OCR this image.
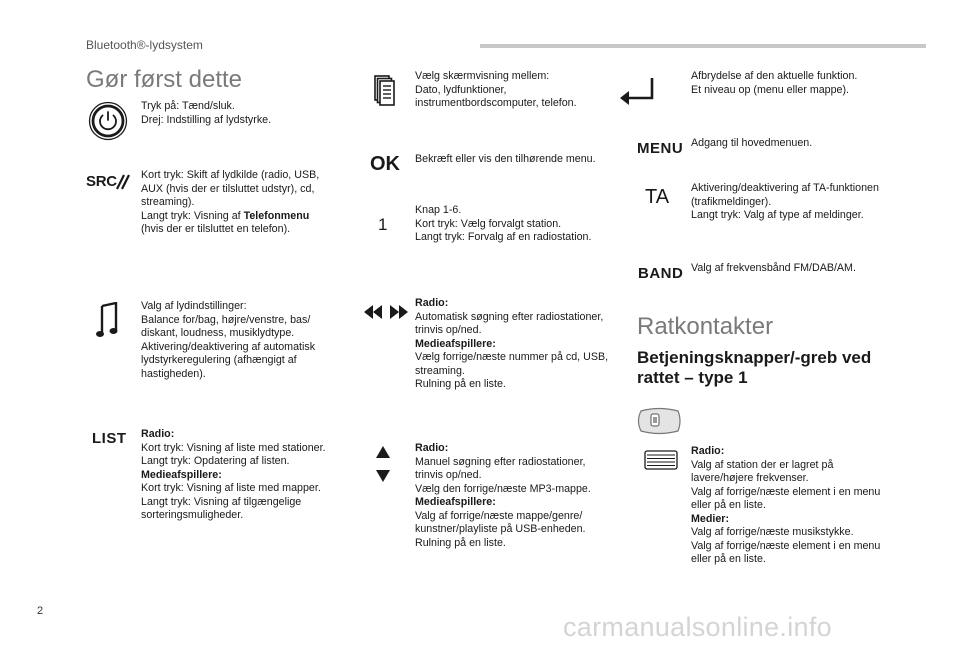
Bluetooth®-lydsystem
Gør først dette

Tryk på: Tænd/sluk.
Drej: Indstilling af lydstyrke.

SRC Kort tryk: Skift af lydkilde (radio, USB, AUX (hvis der er tilsluttet udstyr), cd, streaming).
Langt tryk: Visning af Telefonmenu
(hvis der er tilsluttet en telefon).

Valg af lydindstillinger:
Balance for/bag, højre/venstre, bas/ diskant, loudness, musiklydtype.
Aktivering/deaktivering af automatisk lydstyrkeregulering (afhængigt af hastigheden).

LIST Radio:

Kort tryk: Visning af liste med stationer.
Langt tryk: Opdatering af listen.

Medieafspillere:

Kort tryk: Visning af liste med mapper.
Langt tryk: Visning af tilgængelige sorteringsmuligheder.

Vælg skærmvisning mellem:
Dato, lydfunktioner, instrumentbordscomputer, telefon.

OK Bekræft eller vis den tilhørende menu.

1

Knap 1-6.
Kort tryk: Vælg forvalgt station.
Langt tryk: Forvalg af en radiostation.

Radio:

Automatisk søgning efter radiostationer, trinvis op/ned.

Medieafspillere:

Vælg forrige/næste nummer på cd, USB, streaming.
Rulning på en liste.

Radio:

Manuel søgning efter radiostationer, trinvis op/ned.
Vælg den forrige/næste MP3-mappe.

Medieafspillere:

Valg af forrige/næste mappe/genre/ kunstner/playliste på USB-enheden.
Rulning på en liste.

Afbrydelse af den aktuelle funktion.
Et niveau op (menu eller mappe).

MENU Adgang til hovedmenuen.

TA Aktivering/deaktivering af TA-funktionen (trafikmeldinger).
Langt tryk: Valg af type af meldinger.

BAND Valg af frekvensbånd FM/DAB/AM.

Ratkontakter
Betjeningsknapper/-greb ved rattet – type 1

Radio:

Valg af station der er lagret på lavere/højere frekvenser.
Valg af forrige/næste element i en menu eller på en liste.

Medier:

Valg af forrige/næste musikstykke.
Valg af forrige/næste element i en menu eller på en liste.

2
carmanualsonline.info
